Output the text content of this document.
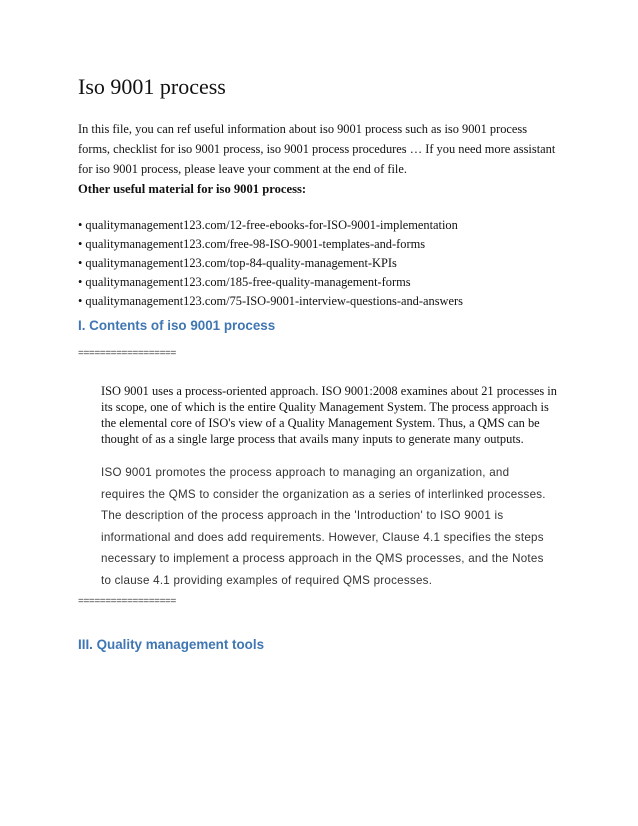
Iso 9001 process
In this file, you can ref useful information about iso 9001 process such as iso 9001 process
forms, checklist for iso 9001 process, iso 9001 process procedures … If you need more assistant
for iso 9001 process, please leave your comment at the end of file.
Other useful material for iso 9001 process:
• qualitymanagement123.com/12-free-ebooks-for-ISO-9001-implementation
• qualitymanagement123.com/free-98-ISO-9001-templates-and-forms
• qualitymanagement123.com/top-84-quality-management-KPIs
• qualitymanagement123.com/185-free-quality-management-forms
• qualitymanagement123.com/75-ISO-9001-interview-questions-and-answers
I. Contents of iso 9001 process
==================
ISO 9001 uses a process-oriented approach. ISO 9001:2008 examines about 21 processes in
its scope, one of which is the entire Quality Management System. The process approach is
the elemental core of ISO's view of a Quality Management System. Thus, a QMS can be
thought of as a single large process that avails many inputs to generate many outputs.
ISO 9001 promotes the process approach to managing an organization, and
requires the QMS to consider the organization as a series of interlinked processes.
The description of the process approach in the 'Introduction' to ISO 9001 is
informational and does add requirements. However, Clause 4.1 specifies the steps
necessary to implement a process approach in the QMS processes, and the Notes
to clause 4.1 providing examples of required QMS processes.
==================
III. Quality management tools
